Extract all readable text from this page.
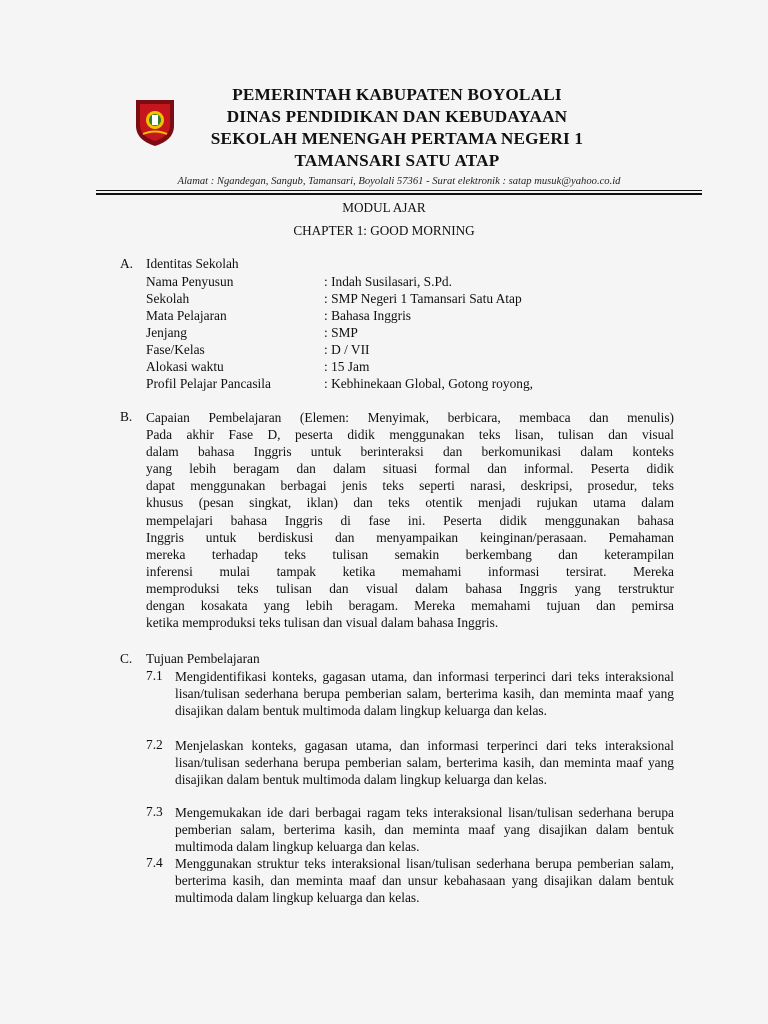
PEMERINTAH KABUPATEN BOYOLALI
DINAS PENDIDIKAN DAN KEBUDAYAAN
SEKOLAH MENENGAH PERTAMA NEGERI 1
TAMANSARI SATU ATAP
Alamat : Ngandegan, Sangub, Tamansari, Boyolali 57361 - Surat elektronik : satap musuk@yahoo.co.id
MODUL AJAR
CHAPTER 1: GOOD MORNING
A. Identitas Sekolah
Nama Penyusun	: Indah Susilasari, S.Pd.
Sekolah	: SMP Negeri 1 Tamansari Satu Atap
Mata Pelajaran	: Bahasa Inggris
Jenjang	: SMP
Fase/Kelas	: D / VII
Alokasi waktu	: 15 Jam
Profil Pelajar Pancasila	: Kebhinekaan Global, Gotong royong,
B. Capaian Pembelajaran (Elemen: Menyimak, berbicara, membaca dan menulis)
Pada akhir Fase D, peserta didik menggunakan teks lisan, tulisan dan visual
dalam bahasa Inggris untuk berinteraksi dan berkomunikasi dalam konteks
yang lebih beragam dan dalam situasi formal dan informal. Peserta didik
dapat menggunakan berbagai jenis teks seperti narasi, deskripsi, prosedur, teks
khusus (pesan singkat, iklan) dan teks otentik menjadi rujukan utama dalam
mempelajari bahasa Inggris di fase ini. Peserta didik menggunakan bahasa
Inggris untuk berdiskusi dan menyampaikan keinginan/perasaan. Pemahaman
mereka terhadap teks tulisan semakin berkembang dan keterampilan
inferensi mulai tampak ketika memahami informasi tersirat. Mereka
memproduksi teks tulisan dan visual dalam bahasa Inggris yang terstruktur
dengan kosakata yang lebih beragam. Mereka memahami tujuan dan pemirsa
ketika memproduksi teks tulisan dan visual dalam bahasa Inggris.
C. Tujuan Pembelajaran
7.1 Mengidentifikasi konteks, gagasan utama, dan informasi terperinci dari teks interaksional lisan/tulisan sederhana berupa pemberian salam, berterima kasih, dan meminta maaf yang disajikan dalam bentuk multimoda dalam lingkup keluarga dan kelas.

7.2 Menjelaskan konteks, gagasan utama, dan informasi terperinci dari teks interaksional lisan/tulisan sederhana berupa pemberian salam, berterima kasih, dan meminta maaf yang disajikan dalam bentuk multimoda dalam lingkup keluarga dan kelas.

7.3 Mengemukakan ide dari berbagai ragam teks interaksional lisan/tulisan sederhana berupa pemberian salam, berterima kasih, dan meminta maaf yang disajikan dalam bentuk multimoda dalam lingkup keluarga dan kelas.

7.4 Menggunakan struktur teks interaksional lisan/tulisan sederhana berupa pemberian salam, berterima kasih, dan meminta maaf dan unsur kebahasaan yang disajikan dalam bentuk multimoda dalam lingkup keluarga dan kelas.
